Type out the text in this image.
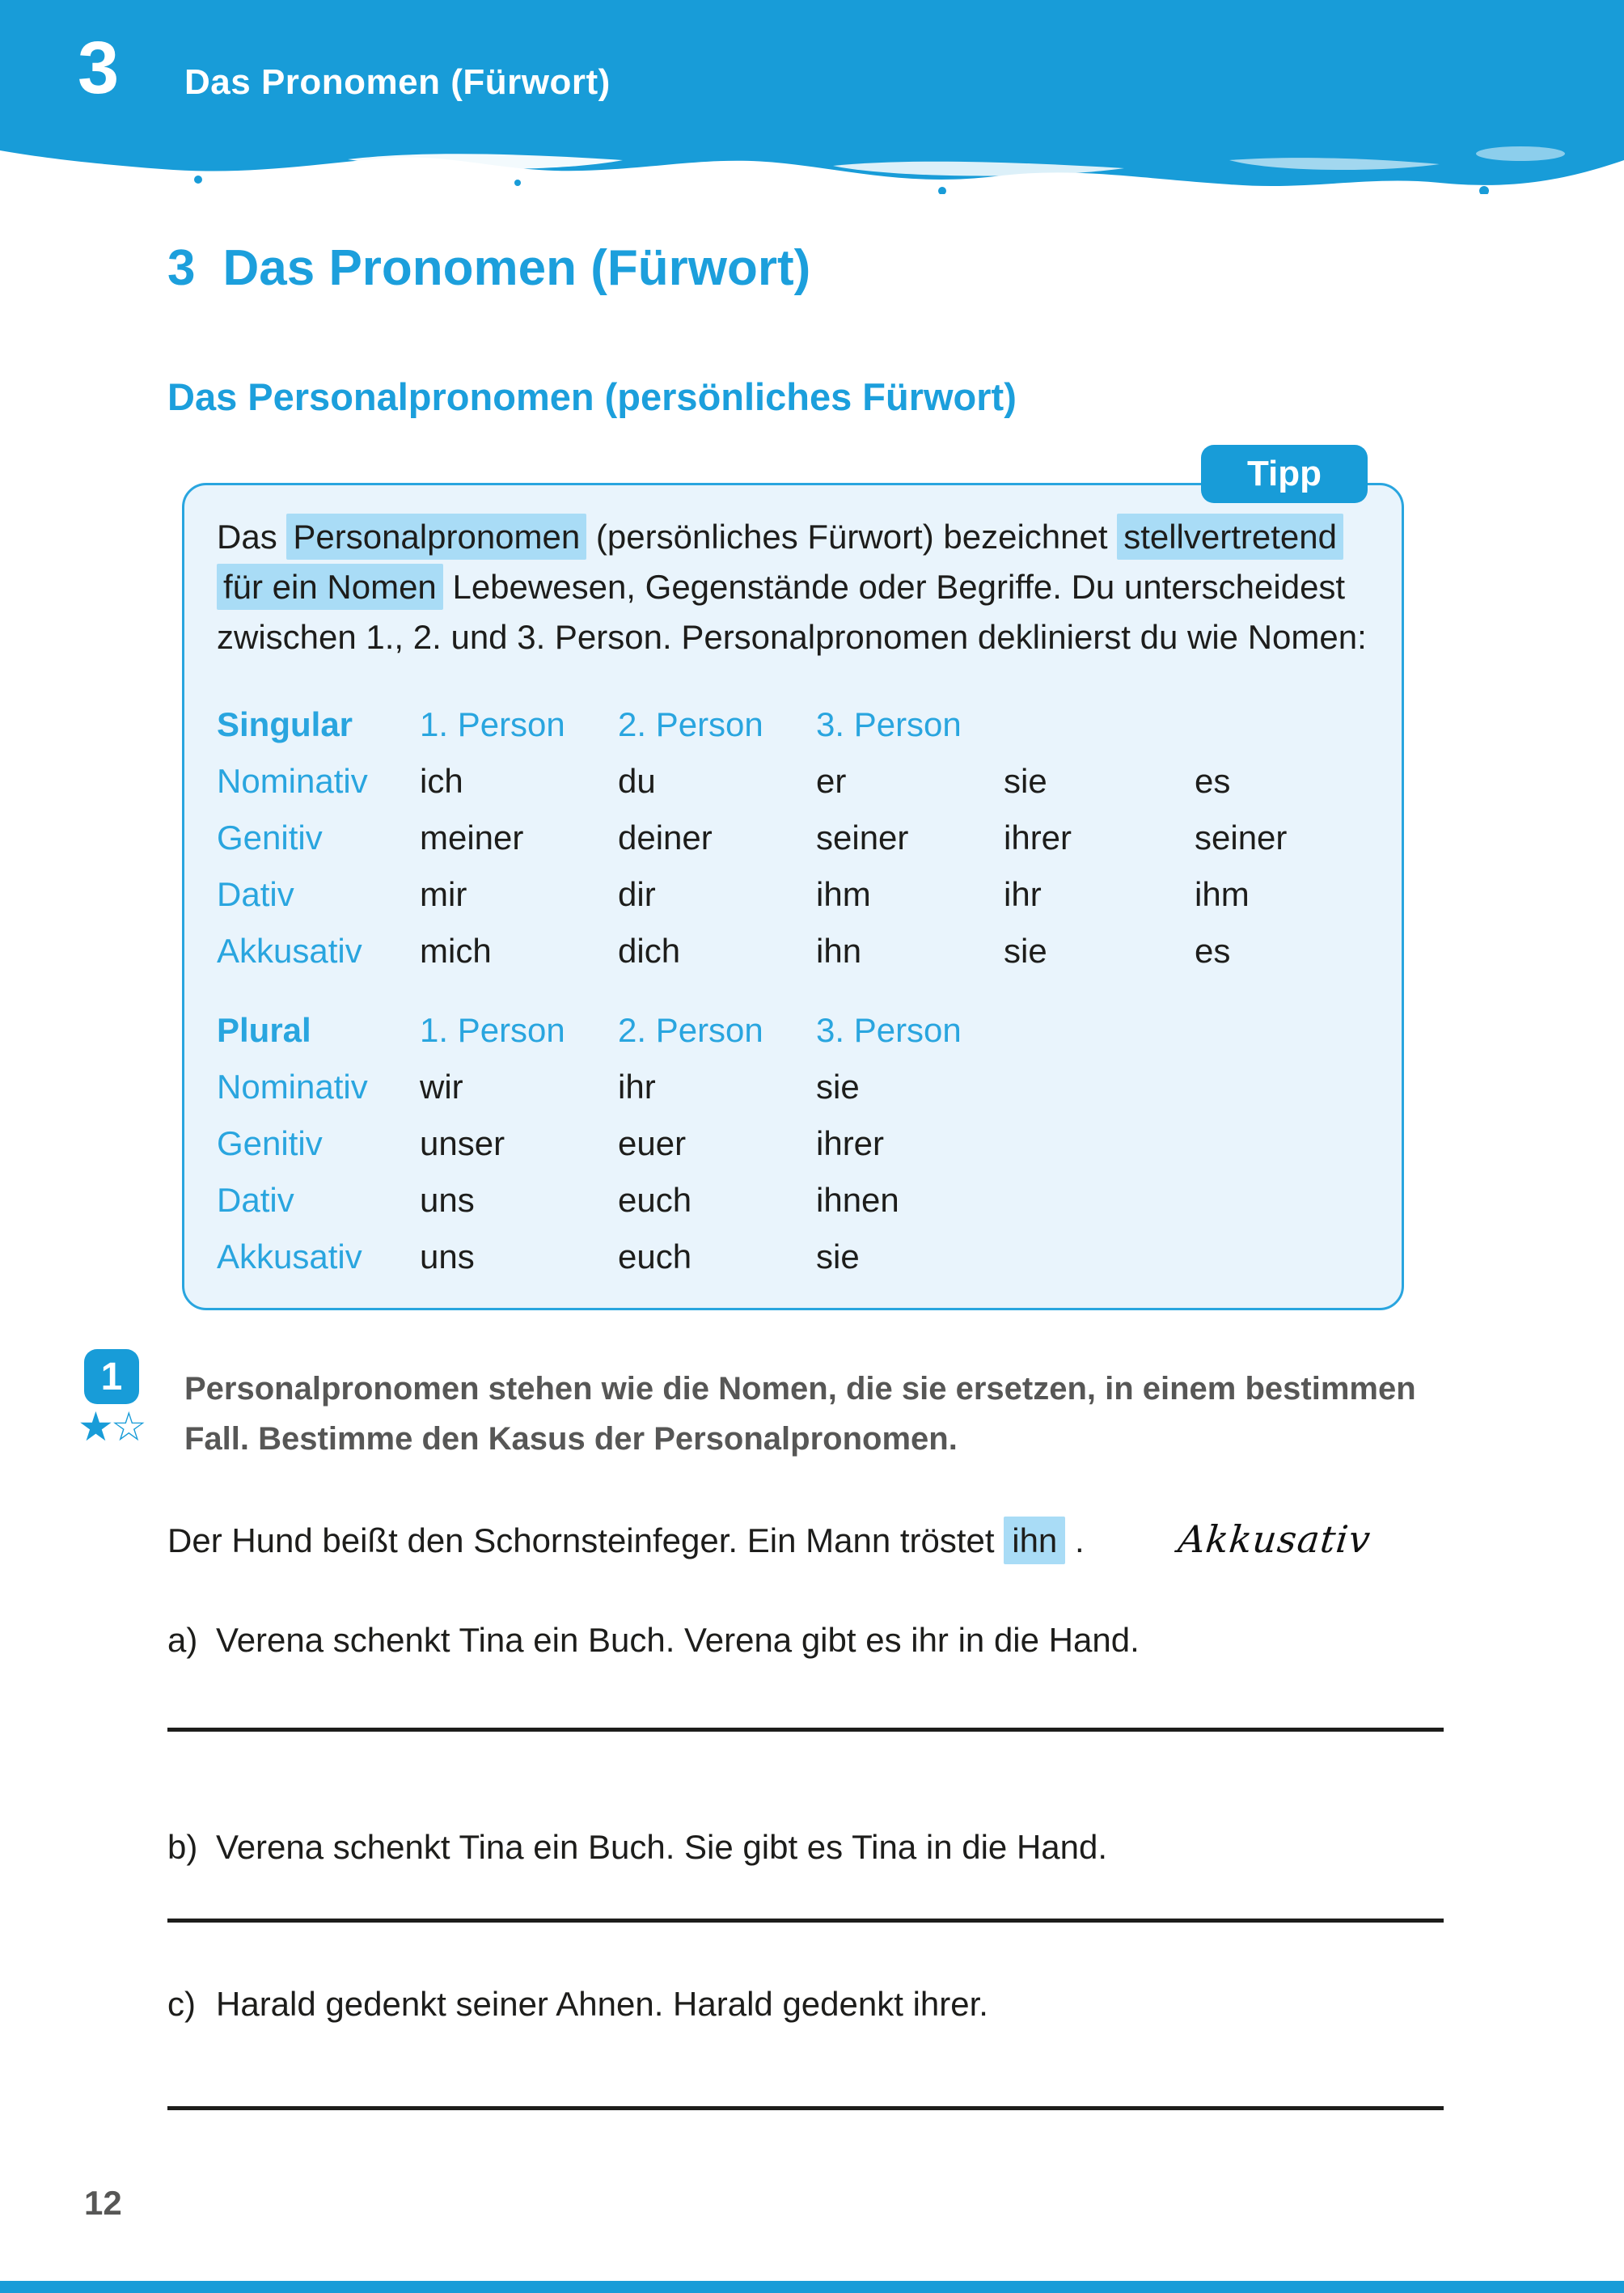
3 Das Pronomen (Fürwort)
3 Das Pronomen (Fürwort)
Das Personalpronomen (persönliches Fürwort)
Tipp
Das Personalpronomen (persönliches Fürwort) bezeichnet stellvertretend
für ein Nomen Lebewesen, Gegenstände oder Begriffe. Du unterscheidest
zwischen 1., 2. und 3. Person. Personalpronomen deklinierst du wie Nomen:
Singular	1. Person	2. Person	3. Person
Nominativ	ich	du	er	sie	es
Genitiv	meiner	deiner	seiner	ihrer	seiner
Dativ	mir	dir	ihm	ihr	ihm
Akkusativ	mich	dich	ihn	sie	es
Plural	1. Person	2. Person	3. Person
Nominativ	wir	ihr	sie
Genitiv	unser	euer	ihrer
Dativ	uns	euch	ihnen
Akkusativ	uns	euch	sie
1
★☆
Personalpronomen stehen wie die Nomen, die sie ersetzen, in einem bestimmen
Fall. Bestimme den Kasus der Personalpronomen.
Der Hund beißt den Schornsteinfeger. Ein Mann tröstet ihn . Akkusativ
a) Verena schenkt Tina ein Buch. Verena gibt es ihr in die Hand.
b) Verena schenkt Tina ein Buch. Sie gibt es Tina in die Hand.
c) Harald gedenkt seiner Ahnen. Harald gedenkt ihrer.
12
